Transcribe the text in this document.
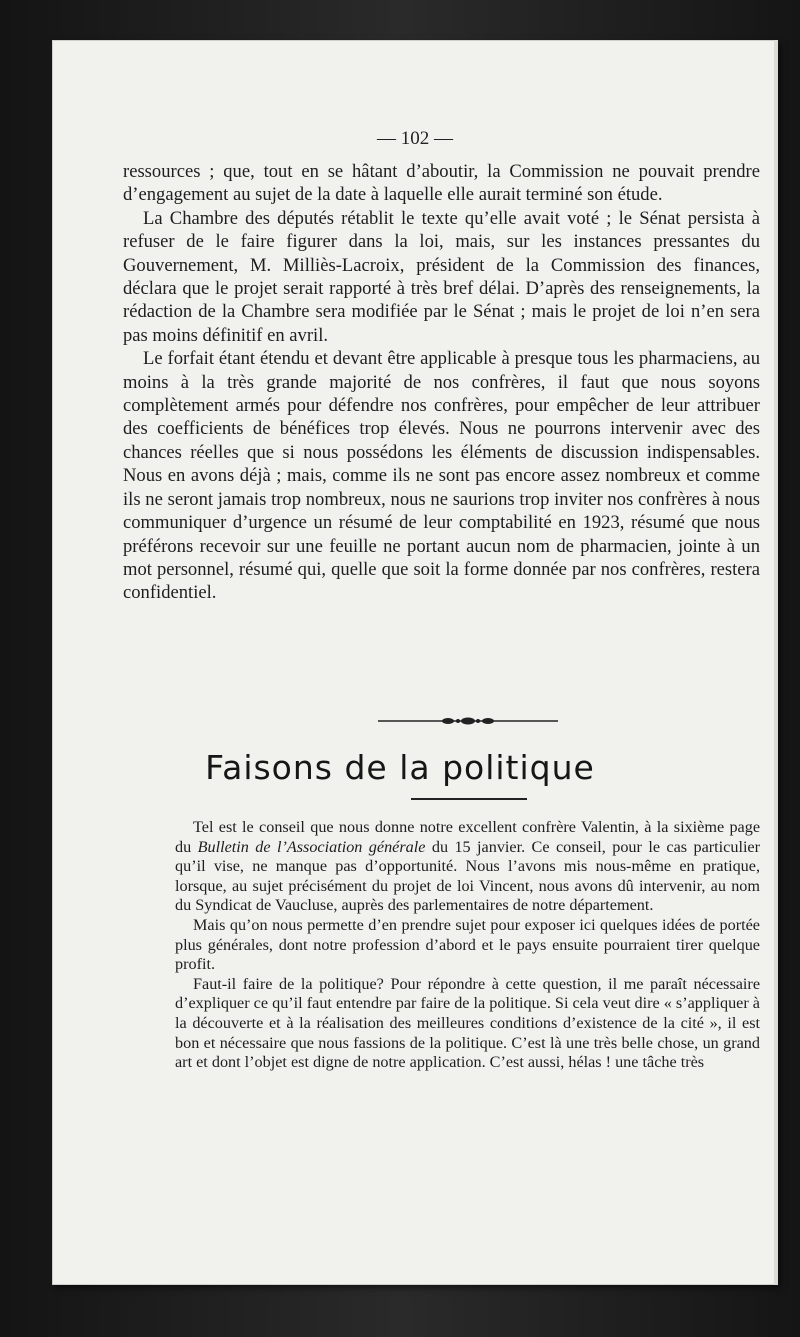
— 102 —

ressources ; que, tout en se hâtant d’aboutir, la Commission ne pouvait prendre d’engagement au sujet de la date à laquelle elle aurait terminé son étude.

La Chambre des députés rétablit le texte qu’elle avait voté ; le Sénat persista à refuser de le faire figurer dans la loi, mais, sur les instances pressantes du Gouvernement, M. Milliès-Lacroix, président de la Commission des finances, déclara que le projet serait rapporté à très bref délai. D’après des renseignements, la rédaction de la Chambre sera modifiée par le Sénat ; mais le projet de loi n’en sera pas moins définitif en avril.

Le forfait étant étendu et devant être applicable à presque tous les pharmaciens, au moins à la très grande majorité de nos confrères, il faut que nous soyons complètement armés pour défendre nos confrères, pour empêcher de leur attribuer des coefficients de bénéfices trop élevés. Nous ne pourrons intervenir avec des chances réelles que si nous possédons les éléments de discussion indispensables. Nous en avons déjà ; mais, comme ils ne sont pas encore assez nombreux et comme ils ne seront jamais trop nombreux, nous ne saurions trop inviter nos confrères à nous communiquer d’urgence un résumé de leur comptabilité en 1923, résumé que nous préférons recevoir sur une feuille ne portant aucun nom de pharmacien, jointe à un mot personnel, résumé qui, quelle que soit la forme donnée par nos confrères, restera confidentiel.

Faisons de la politique

Tel est le conseil que nous donne notre excellent confrère Valentin, à la sixième page du Bulletin de l’Association générale du 15 janvier. Ce conseil, pour le cas particulier qu’il vise, ne manque pas d’opportunité. Nous l’avons mis nous-même en pratique, lorsque, au sujet précisément du projet de loi Vincent, nous avons dû intervenir, au nom du Syndicat de Vaucluse, auprès des parlementaires de notre département.

Mais qu’on nous permette d’en prendre sujet pour exposer ici quelques idées de portée plus générales, dont notre profession d’abord et le pays ensuite pourraient tirer quelque profit.

Faut-il faire de la politique? Pour répondre à cette question, il me paraît nécessaire d’expliquer ce qu’il faut entendre par faire de la politique. Si cela veut dire « s’appliquer à la découverte et à la réalisation des meilleures conditions d’existence de la cité », il est bon et nécessaire que nous fassions de la politique. C’est là une très belle chose, un grand art et dont l’objet est digne de notre application. C’est aussi, hélas ! une tâche très
